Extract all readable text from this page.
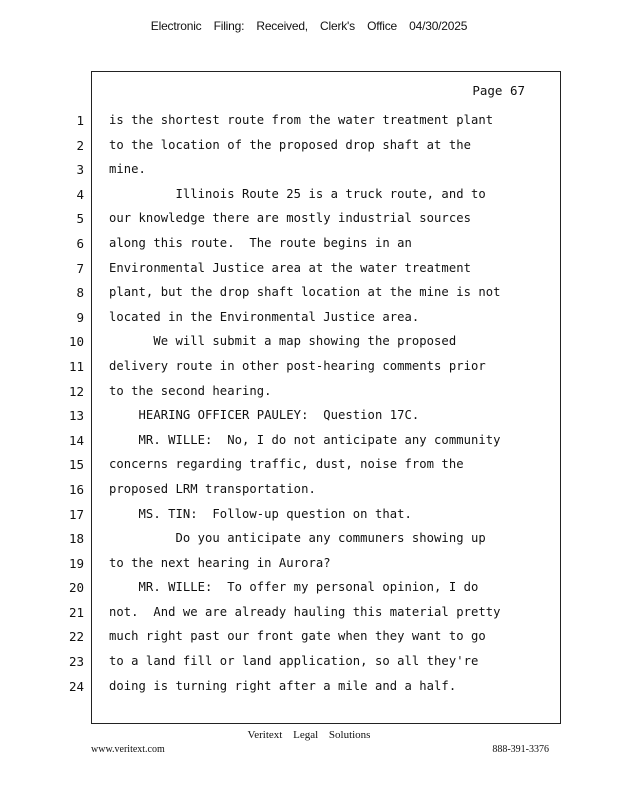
Electronic Filing: Received, Clerk's Office 04/30/2025
Page 67
1
2
3
4
5
6
7
8
9
10
11
12
13
14
15
16
17
18
19
20
21
22
23
24
is the shortest route from the water treatment plant
to the location of the proposed drop shaft at the
mine.
Illinois Route 25 is a truck route, and to
our knowledge there are mostly industrial sources
along this route.  The route begins in an
Environmental Justice area at the water treatment
plant, but the drop shaft location at the mine is not
located in the Environmental Justice area.
We will submit a map showing the proposed
delivery route in other post-hearing comments prior
to the second hearing.
HEARING OFFICER PAULEY:  Question 17C.
MR. WILLE:  No, I do not anticipate any community
concerns regarding traffic, dust, noise from the
proposed LRM transportation.
MS. TIN:  Follow-up question on that.
Do you anticipate any communers showing up
to the next hearing in Aurora?
MR. WILLE:  To offer my personal opinion, I do
not.  And we are already hauling this material pretty
much right past our front gate when they want to go
to a land fill or land application, so all they're
doing is turning right after a mile and a half.
Veritext Legal Solutions
www.veritext.com	888-391-3376
